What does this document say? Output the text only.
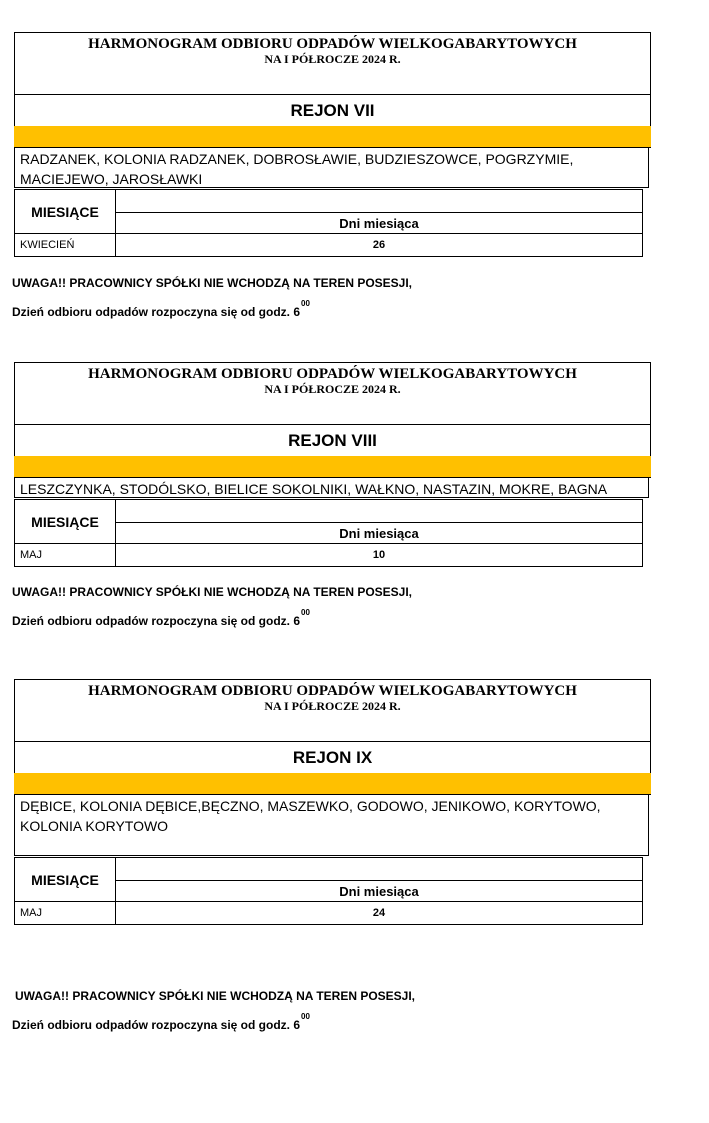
HARMONOGRAM ODBIORU ODPADÓW WIELKOGABARYTOWYCH
NA I PÓŁROCZE 2024 R.
REJON VII
RADZANEK, KOLONIA RADZANEK, DOBROSŁAWIE, BUDZIESZOWCE, POGRZYMIE, MACIEJEWO, JAROSŁAWKI
MIESIĄCE
Dni miesiąca
KWIECIEŃ	26
UWAGA!! PRACOWNICY SPÓŁKI NIE WCHODZĄ NA TEREN POSESJI,
Dzień odbioru odpadów rozpoczyna się od godz. $6^{00}$
HARMONOGRAM ODBIORU ODPADÓW WIELKOGABARYTOWYCH
NA I PÓŁROCZE 2024 R.
REJON VIII
LESZCZYNKA, STODÓLSKO, BIELICE SOKOLNIKI, WAŁKNO, NASTAZIN, MOKRE, BAGNA
MIESIĄCE
Dni miesiąca
MAJ	10
UWAGA!! PRACOWNICY SPÓŁKI NIE WCHODZĄ NA TEREN POSESJI,
Dzień odbioru odpadów rozpoczyna się od godz. $6^{00}$
HARMONOGRAM ODBIORU ODPADÓW WIELKOGABARYTOWYCH
NA I PÓŁROCZE 2024 R.
REJON IX
DĘBICE, KOLONIA DĘBICE,BĘCZNO, MASZEWKO, GODOWO, JENIKOWO, KORYTOWO, KOLONIA KORYTOWO
MIESIĄCE
Dni miesiąca
MAJ	24
UWAGA!! PRACOWNICY SPÓŁKI NIE WCHODZĄ NA TEREN POSESJI,
Dzień odbioru odpadów rozpoczyna się od godz. $6^{00}$
